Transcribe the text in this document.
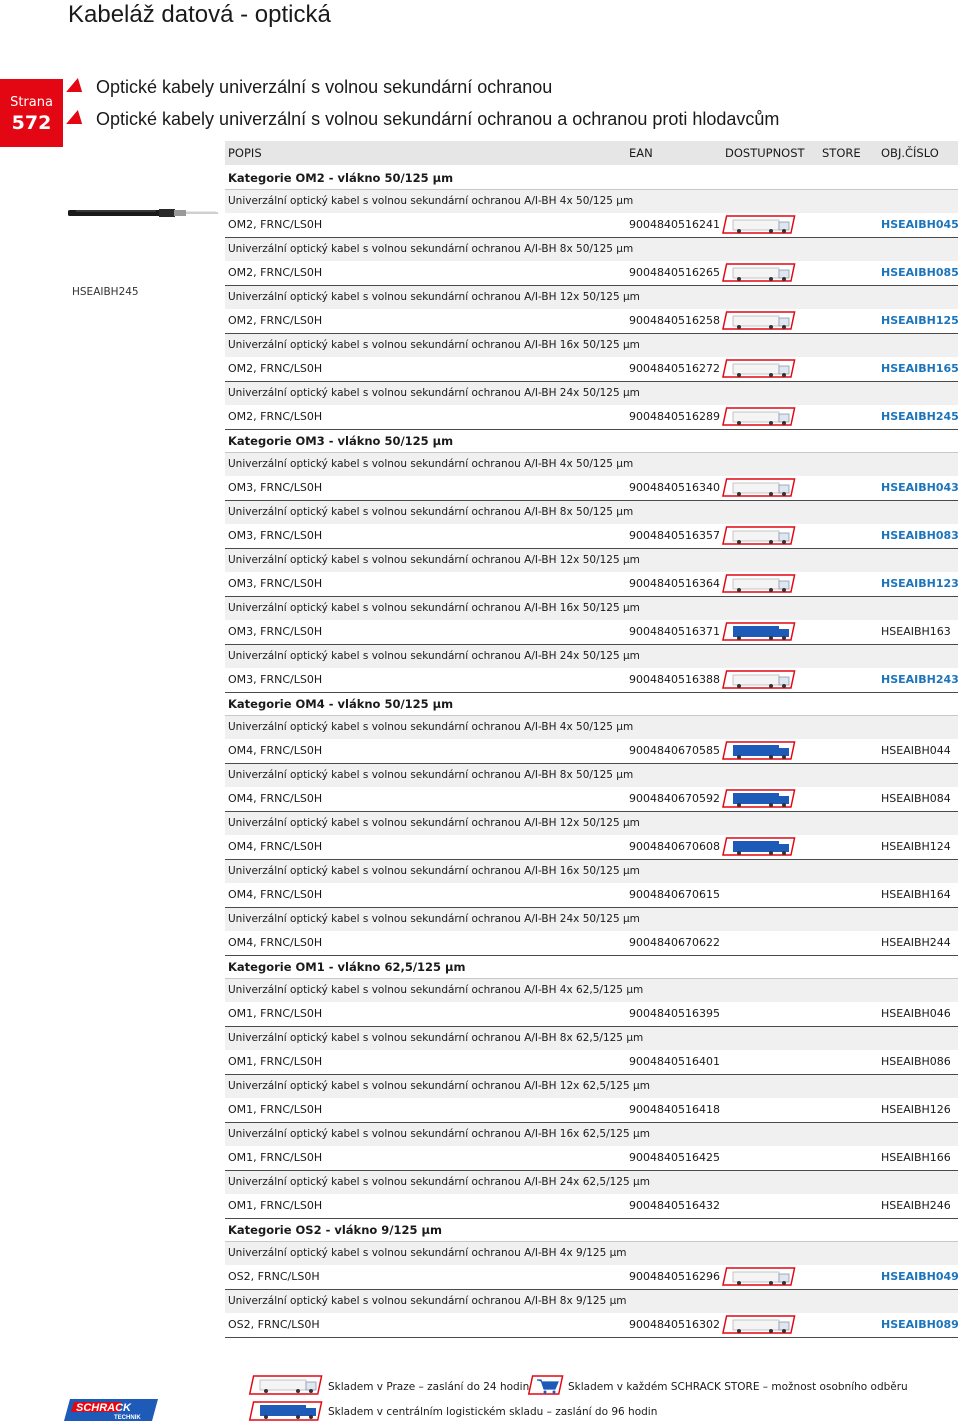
Kabeláž datová - optická
Strana
572
Optické kabely univerzální s volnou sekundární ochranou
Optické kabely univerzální s volnou sekundární ochranou a ochranou proti hlodavcům
HSEAIBH245
POPIS	EAN	DOSTUPNOST STORE OBJ.ČÍSLO
Kategorie OM2 - vlákno 50/125 µm
Univerzální optický kabel s volnou sekundární ochranou A/I-BH 4x 50/125 µm
OM2, FRNC/LS0H	9004840516241	HSEAIBH045
Univerzální optický kabel s volnou sekundární ochranou A/I-BH 8x 50/125 µm
OM2, FRNC/LS0H	9004840516265	HSEAIBH085
Univerzální optický kabel s volnou sekundární ochranou A/I-BH 12x 50/125 µm
OM2, FRNC/LS0H	9004840516258	HSEAIBH125
Univerzální optický kabel s volnou sekundární ochranou A/I-BH 16x 50/125 µm
OM2, FRNC/LS0H	9004840516272	HSEAIBH165
Univerzální optický kabel s volnou sekundární ochranou A/I-BH 24x 50/125 µm
OM2, FRNC/LS0H	9004840516289	HSEAIBH245
Kategorie OM3 - vlákno 50/125 µm
Univerzální optický kabel s volnou sekundární ochranou A/I-BH 4x 50/125 µm
OM3, FRNC/LS0H	9004840516340	HSEAIBH043
Univerzální optický kabel s volnou sekundární ochranou A/I-BH 8x 50/125 µm
OM3, FRNC/LS0H	9004840516357	HSEAIBH083
Univerzální optický kabel s volnou sekundární ochranou A/I-BH 12x 50/125 µm
OM3, FRNC/LS0H	9004840516364	HSEAIBH123
Univerzální optický kabel s volnou sekundární ochranou A/I-BH 16x 50/125 µm
OM3, FRNC/LS0H	9004840516371	HSEAIBH163
Univerzální optický kabel s volnou sekundární ochranou A/I-BH 24x 50/125 µm
OM3, FRNC/LS0H	9004840516388	HSEAIBH243
Kategorie OM4 - vlákno 50/125 µm
Univerzální optický kabel s volnou sekundární ochranou A/I-BH 4x 50/125 µm
OM4, FRNC/LS0H	9004840670585	HSEAIBH044
Univerzální optický kabel s volnou sekundární ochranou A/I-BH 8x 50/125 µm
OM4, FRNC/LS0H	9004840670592	HSEAIBH084
Univerzální optický kabel s volnou sekundární ochranou A/I-BH 12x 50/125 µm
OM4, FRNC/LS0H	9004840670608	HSEAIBH124
Univerzální optický kabel s volnou sekundární ochranou A/I-BH 16x 50/125 µm
OM4, FRNC/LS0H	9004840670615	HSEAIBH164
Univerzální optický kabel s volnou sekundární ochranou A/I-BH 24x 50/125 µm
OM4, FRNC/LS0H	9004840670622	HSEAIBH244
Kategorie OM1 - vlákno 62,5/125 µm
Univerzální optický kabel s volnou sekundární ochranou A/I-BH 4x 62,5/125 µm
OM1, FRNC/LS0H	9004840516395	HSEAIBH046
Univerzální optický kabel s volnou sekundární ochranou A/I-BH 8x 62,5/125 µm
OM1, FRNC/LS0H	9004840516401	HSEAIBH086
Univerzální optický kabel s volnou sekundární ochranou A/I-BH 12x 62,5/125 µm
OM1, FRNC/LS0H	9004840516418	HSEAIBH126
Univerzální optický kabel s volnou sekundární ochranou A/I-BH 16x 62,5/125 µm
OM1, FRNC/LS0H	9004840516425	HSEAIBH166
Univerzální optický kabel s volnou sekundární ochranou A/I-BH 24x 62,5/125 µm
OM1, FRNC/LS0H	9004840516432	HSEAIBH246
Kategorie OS2 - vlákno 9/125 µm
Univerzální optický kabel s volnou sekundární ochranou A/I-BH 4x 9/125 µm
OS2, FRNC/LS0H	9004840516296	HSEAIBH049
Univerzální optický kabel s volnou sekundární ochranou A/I-BH 8x 9/125 µm
OS2, FRNC/LS0H	9004840516302	HSEAIBH089
Skladem v Praze – zaslání do 24 hodin	Skladem v každém SCHRACK STORE – možnost osobního odběru
Skladem v centrálním logistickém skladu – zaslání do 96 hodin
SCHRACK
TECHNIK
